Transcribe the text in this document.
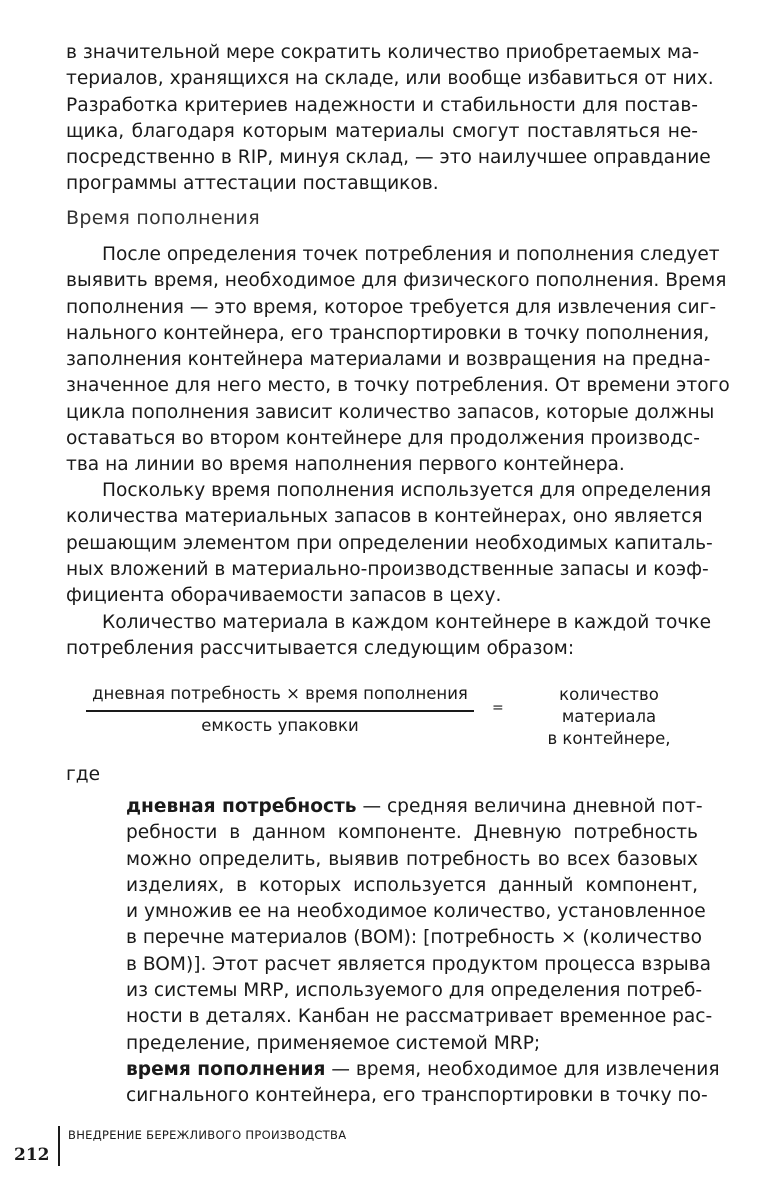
в значительной мере сократить количество приобретаемых ма-
териалов, хранящихся на складе, или вообще избавиться от них.
Разработка критериев надежности и стабильности для постав-
щика, благодаря которым материалы смогут поставляться не-
посредственно в RIP, минуя склад, — это наилучшее оправдание
программы аттестации поставщиков.
Время пополнения
После определения точек потребления и пополнения следует
выявить время, необходимое для физического пополнения. Время
пополнения — это время, которое требуется для извлечения сиг-
нального контейнера, его транспортировки в точку пополнения,
заполнения контейнера материалами и возвращения на предна-
значенное для него место, в точку потребления. От времени этого
цикла пополнения зависит количество запасов, которые должны
оставаться во втором контейнере для продолжения производс-
тва на линии во время наполнения первого контейнера.
Поскольку время пополнения используется для определения
количества материальных запасов в контейнерах, оно является
решающим элементом при определении необходимых капиталь-
ных вложений в материально-производственные запасы и коэф-
фициента оборачиваемости запасов в цеху.
Количество материала в каждом контейнере в каждой точке
потребления рассчитывается следующим образом:
дневная потребность × время пополнения
емкость упаковки
=
количество
материала
в контейнере,

где

дневная потребность — средняя величина дневной пот-
ребности в данном компоненте. Дневную потребность
можно определить, выявив потребность во всех базовых
изделиях, в которых используется данный компонент,
и умножив ее на необходимое количество, установленное
в перечне материалов (BOM): [потребность × (количество
в BOM)]. Этот расчет является продуктом процесса взрыва
из системы MRP, используемого для определения потреб-
ности в деталях. Канбан не рассматривает временное рас-
пределение, применяемое системой MRP;
время пополнения — время, необходимое для извлечения
сигнального контейнера, его транспортировки в точку по-
212
ВНЕДРЕНИЕ БЕРЕЖЛИВОГО ПРОИЗВОДСТВА
